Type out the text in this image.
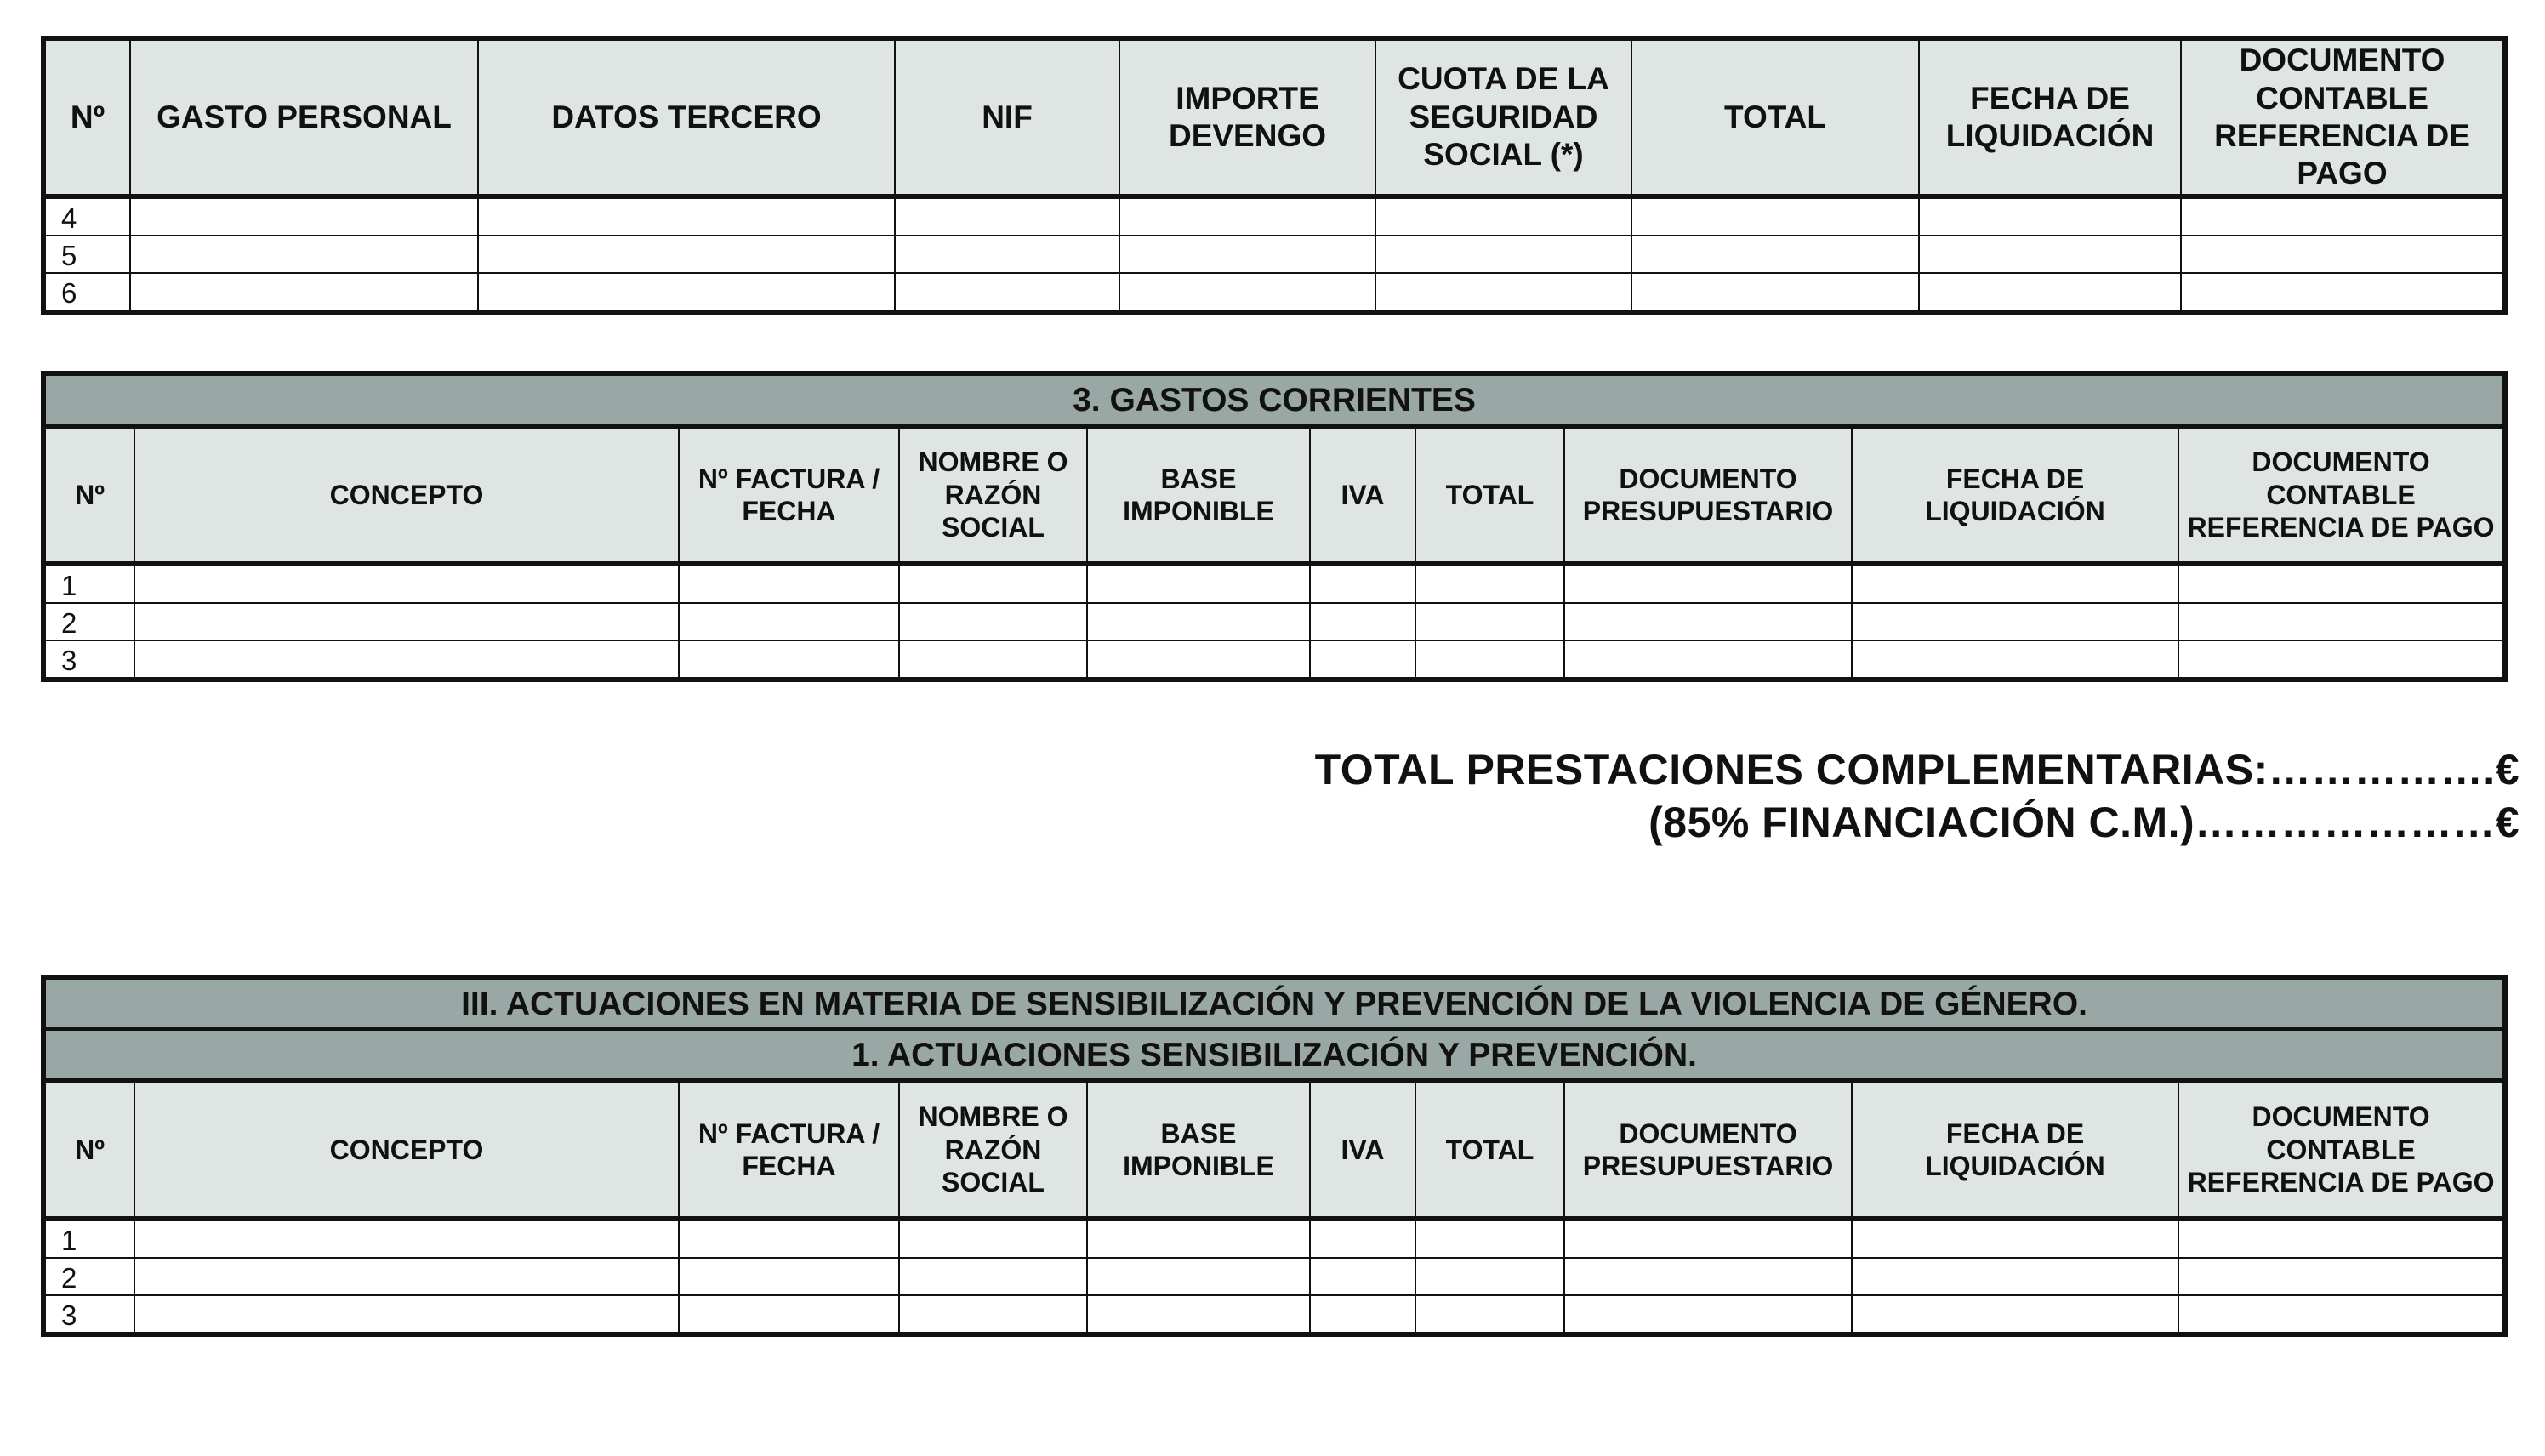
Nº	GASTO PERSONAL	DATOS TERCERO	NIF	IMPORTE DEVENGO	CUOTA DE LA SEGURIDAD SOCIAL (*)	TOTAL	FECHA DE LIQUIDACIÓN	DOCUMENTO CONTABLE REFERENCIA DE PAGO
4								
5								
6								
3. GASTOS CORRIENTES									
Nº	CONCEPTO	Nº FACTURA / FECHA	NOMBRE O RAZÓN SOCIAL	BASE IMPONIBLE	IVA	TOTAL	DOCUMENTO PRESUPUESTARIO	FECHA DE LIQUIDACIÓN	DOCUMENTO CONTABLE REFERENCIA DE PAGO
1									
2									
3									
TOTAL PRESTACIONES COMPLEMENTARIAS:…………….€
(85% FINANCIACIÓN C.M.)…………………€
III. ACTUACIONES EN MATERIA DE SENSIBILIZACIÓN Y PREVENCIÓN DE LA VIOLENCIA DE GÉNERO.									
1. ACTUACIONES SENSIBILIZACIÓN Y PREVENCIÓN.									
Nº	CONCEPTO	Nº FACTURA / FECHA	NOMBRE O RAZÓN SOCIAL	BASE IMPONIBLE	IVA	TOTAL	DOCUMENTO PRESUPUESTARIO	FECHA DE LIQUIDACIÓN	DOCUMENTO CONTABLE REFERENCIA DE PAGO
1									
2									
3									
